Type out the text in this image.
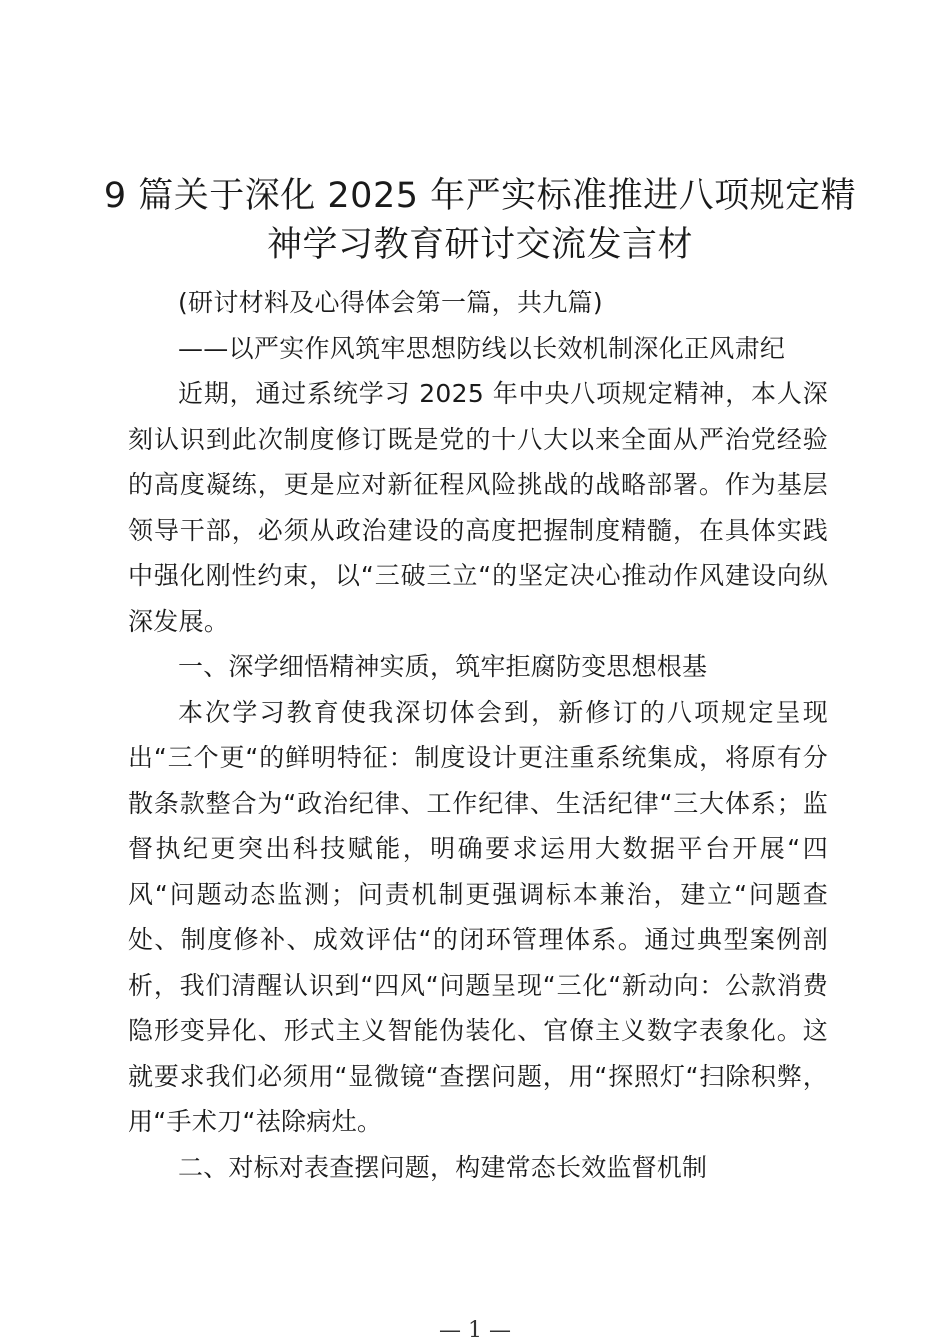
9 篇关于深化 2025 年严实标准推进八项规定精神学习教育研讨交流发言材

(研讨材料及心得体会第一篇，共九篇)

——以严实作风筑牢思想防线以长效机制深化正风肃纪

近期，通过系统学习 2025 年中央八项规定精神，本人深刻认识到此次制度修订既是党的十八大以来全面从严治党经验的高度凝练，更是应对新征程风险挑战的战略部署。作为基层领导干部，必须从政治建设的高度把握制度精髓，在具体实践中强化刚性约束，以“三破三立“的坚定决心推动作风建设向纵深发展。

一、深学细悟精神实质，筑牢拒腐防变思想根基

本次学习教育使我深切体会到，新修订的八项规定呈现出“三个更“的鲜明特征：制度设计更注重系统集成，将原有分散条款整合为“政治纪律、工作纪律、生活纪律“三大体系；监督执纪更突出科技赋能，明确要求运用大数据平台开展“四风“问题动态监测；问责机制更强调标本兼治，建立“问题查处、制度修补、成效评估“的闭环管理体系。通过典型案例剖析，我们清醒认识到“四风“问题呈现“三化“新动向：公款消费隐形变异化、形式主义智能伪装化、官僚主义数字表象化。这就要求我们必须用“显微镜“查摆问题，用“探照灯“扫除积弊，用“手术刀“祛除病灶。

二、对标对表查摆问题，构建常态长效监督机制

— 1 —
